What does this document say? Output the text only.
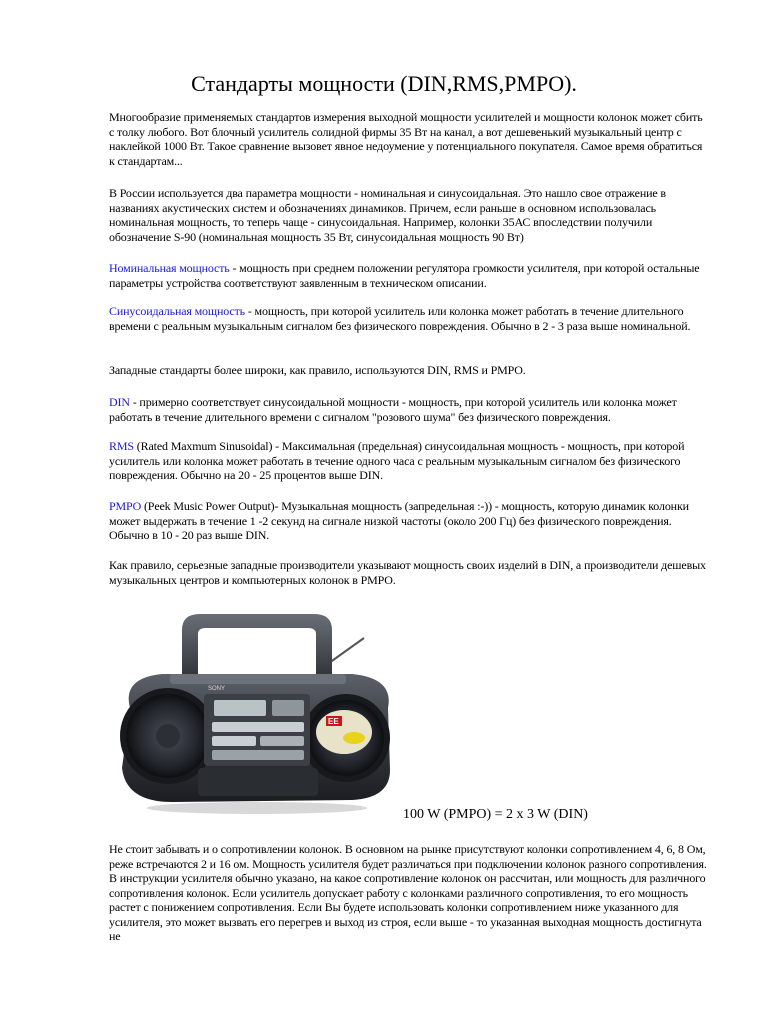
Стандарты мощности (DIN,RMS,PMPO).

Многообразие применяемых стандартов измерения выходной мощности усилителей и мощности колонок может сбить с толку любого. Вот блочный усилитель солидной фирмы 35 Вт на канал, а вот дешевенький музыкальный центр с наклейкой 1000 Вт. Такое сравнение вызовет явное недоумение у потенциального покупателя. Самое время обратиться к стандартам...

В России используется два параметра мощности - номинальная и синусоидальная. Это нашло свое отражение в названиях акустических систем и обозначениях динамиков. Причем, если раньше в основном использовалась номинальная мощность, то теперь чаще - синусоидальная. Например, колонки 35АС впоследствии получили обозначение S-90 (номинальная мощность 35 Вт, синусоидальная мощность 90 Вт)

Номинальная мощность - мощность при среднем положении регулятора громкости усилителя, при которой остальные параметры устройства соответствуют заявленным в техническом описании.

Синусоидальная мощность - мощность, при которой усилитель или колонка может работать в течение длительного времени с реальным музыкальным сигналом без физического повреждения. Обычно в 2 - 3 раза выше номинальной.

Западные стандарты более широки, как правило, используются DIN, RMS и PMPO.

DIN - примерно соответствует синусоидальной мощности - мощность, при которой усилитель или колонка может работать в течение длительного времени с сигналом "розового шума" без физического повреждения.

RMS (Rated Maxmum Sinusoidal) - Максимальная (предельная) синусоидальная мощность - мощность, при которой усилитель или колонка может работать в течение одного часа с реальным музыкальным сигналом без физического повреждения. Обычно на 20 - 25 процентов выше DIN.

PMPO (Peek Music Power Output)- Музыкальная мощность (запредельная :-)) - мощность, которую динамик колонки может выдержать в течение 1 -2 секунд на сигнале низкой частоты (около 200 Гц) без физического повреждения. Обычно в 10 - 20 раз выше DIN.

Как правило, серьезные западные производители указывают мощность своих изделий в DIN, а производители дешевых музыкальных центров и компьютерных колонок в PMPO.

EE
SONY

100 W (PMPO) = 2 x 3 W (DIN)

Не стоит забывать и о сопротивлении колонок. В основном на рынке присутствуют колонки сопротивлением 4, 6, 8 Ом, реже встречаются 2 и 16 ом. Мощность усилителя будет различаться при подключении колонок разного сопротивления. В инструкции усилителя обычно указано, на какое сопротивление колонок он рассчитан, или мощность для различного сопротивления колонок. Если усилитель допускает работу с колонками различного сопротивления, то его мощность растет с понижением сопротивления. Если Вы будете использовать колонки сопротивлением ниже указанного для усилителя, это может вызвать его перегрев и выход из строя, если выше - то указанная выходная мощность достигнута не
